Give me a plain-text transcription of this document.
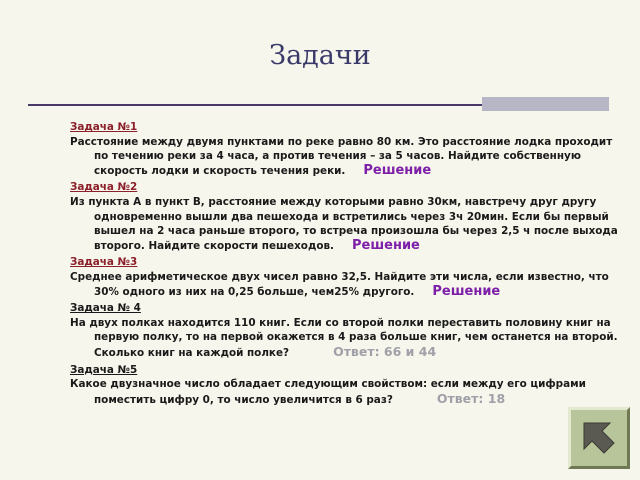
Задачи

Задача №1

Расстояние между двумя пунктами по реке равно 80 км. Это расстояние лодка проходит по течению реки за 4 часа, а против течения – за 5 часов. Найдите собственную скорость лодки и скорость течения реки. Решение

Задача №2

Из пункта А в пункт В, расстояние между которыми равно 30км, навстречу друг другу одновременно вышли два пешехода и встретились через 3ч 20мин. Если бы первый вышел на 2 часа раньше второго, то встреча произошла бы через 2,5 ч после выхода второго. Найдите скорости пешеходов. Решение

Задача №3

Среднее арифметическое двух чисел равно 32,5. Найдите эти числа, если известно, что 30% одного из них на 0,25 больше, чем25% другого. Решение

Задача № 4

На двух полках находится 110 книг. Если со второй полки переставить половину книг на первую полку, то на первой окажется в 4 раза больше книг, чем останется на второй. Сколько книг на каждой полке?	Ответ: 66 и 44

Задача №5

Какое двузначное число обладает следующим свойством: если между его цифрами поместить цифру 0, то число увеличится в 6 раз?	Ответ: 18
